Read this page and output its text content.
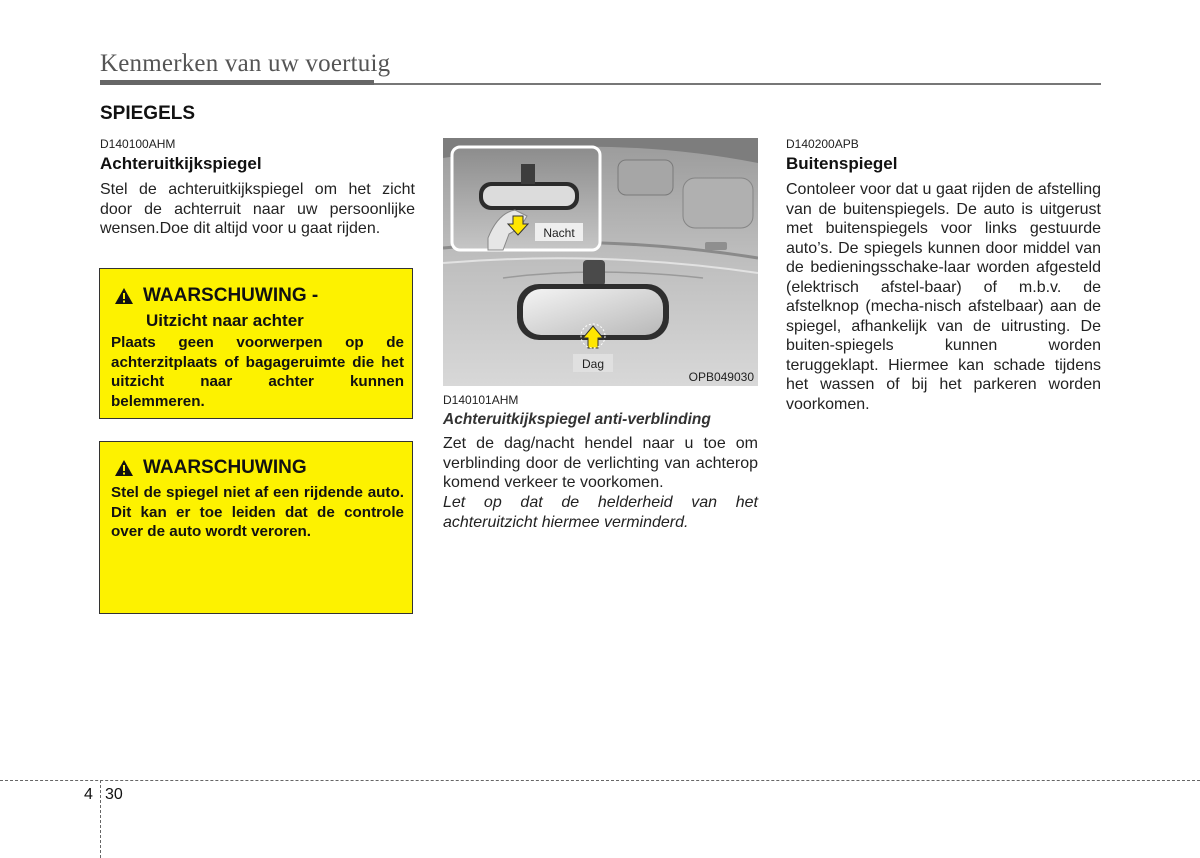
Kenmerken van uw voertuig
SPIEGELS
D140100AHM
Achteruitkijkspiegel

Stel de achteruitkijkspiegel om het zicht door de achterruit naar uw persoonlijke wensen.Doe dit altijd voor u gaat rijden.

WAARSCHUWING -
Uitzicht naar achter

Plaats geen voorwerpen op de achterzitplaats of bagageruimte die het uitzicht naar achter kunnen belemmeren.

WAARSCHUWING

Stel de spiegel niet af een rijdende auto. Dit kan er toe leiden dat de controle over de auto wordt veroren.

Nacht
Dag
OPB049030
D140101AHM
Achteruitkijkspiegel anti-verblinding

Zet de dag/nacht hendel naar u toe om verblinding door de verlichting van achterop komend verkeer te voorkomen.

Let op dat de helderheid van het achteruitzicht hiermee verminderd.

D140200APB
Buitenspiegel

Contoleer voor dat u gaat rijden de afstelling van de buitenspiegels. De auto is uitgerust met buitenspiegels voor links gestuurde auto’s. De spiegels kunnen door middel van de bedieningsschake-laar worden afgesteld (elektrisch afstel-baar) of m.b.v. de afstelknop (mecha-nisch afstelbaar) aan de spiegel, afhankelijk van de uitrusting. De buiten-spiegels kunnen worden teruggeklapt. Hiermee kan schade tijdens het wassen of bij het parkeren worden voorkomen.

4 30
